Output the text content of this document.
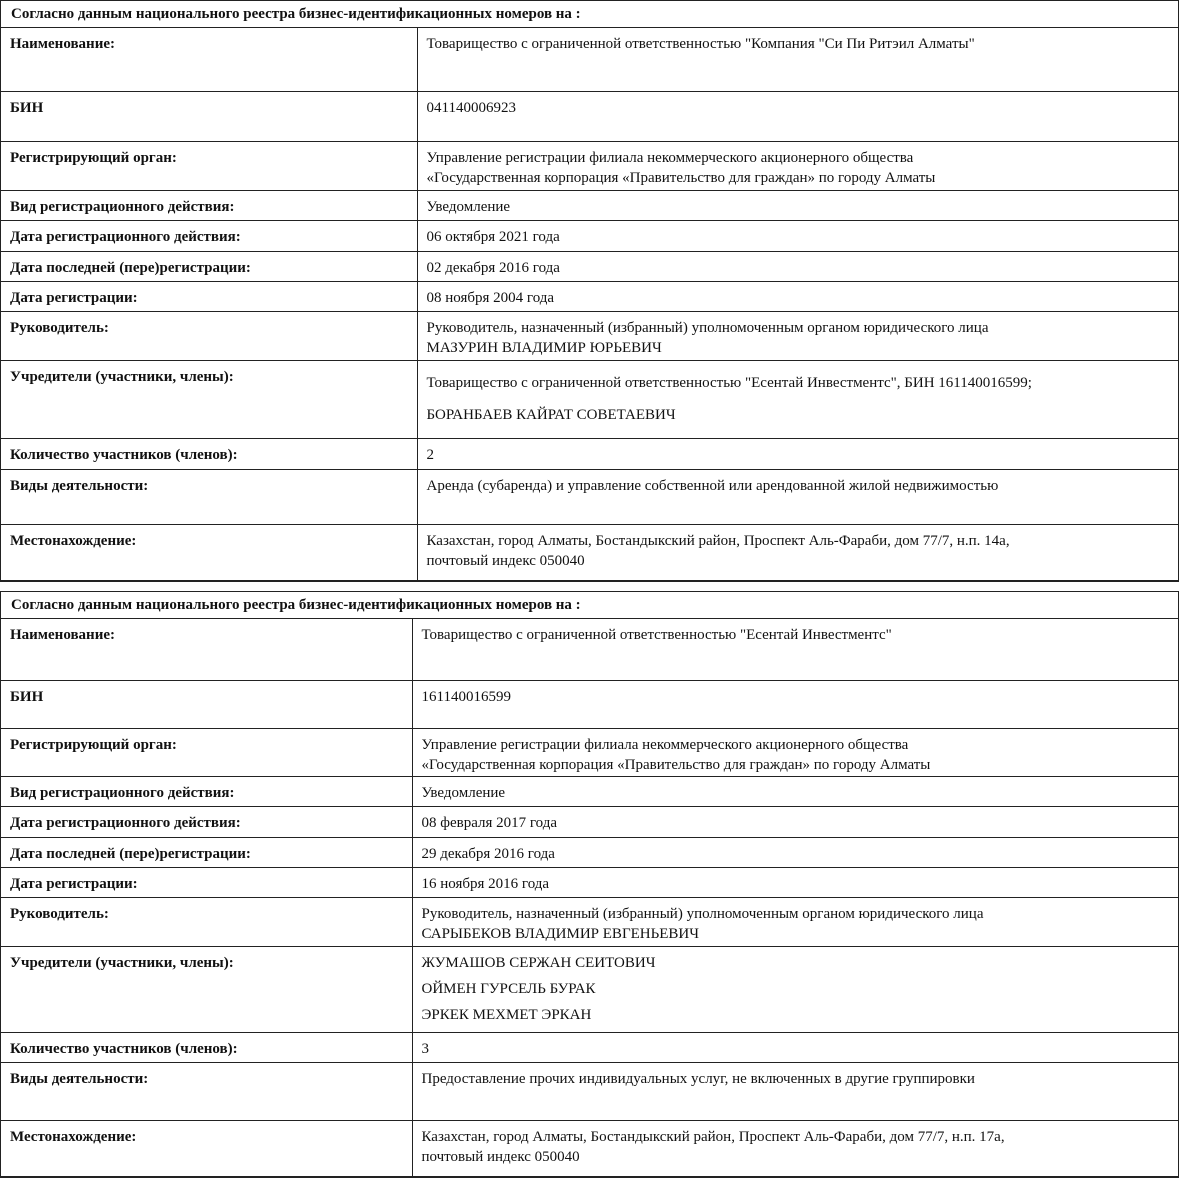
Согласно данным национального реестра бизнес-идентификационных номеров на :
Наименование:	Товарищество с ограниченной ответственностью "Компания "Си Пи Ритэил Алматы"
БИН	041140006923
Регистрирующий орган:	Управление регистрации филиала некоммерческого акционерного общества
«Государственная корпорация «Правительство для граждан» по городу Алматы

Вид регистрационного действия:	Уведомление
Дата регистрационного действия:	06 октября 2021 года
Дата последней (пере)регистрации:	02 декабря 2016 года
Дата регистрации:	08 ноября 2004 года
Руководитель:	Руководитель, назначенный (избранный) уполномоченным органом юридического лица
МАЗУРИН ВЛАДИМИР ЮРЬЕВИЧ

Учредители (участники, члены):	Товарищество с ограниченной ответственностью "Есентай Инвестментс", БИН 161140016599;
БОРАНБАЕВ КАЙРАТ СОВЕТАЕВИЧ

Количество участников (членов):	2
Виды деятельности:	Аренда (субаренда) и управление собственной или арендованной жилой недвижимостью
Местонахождение:	Казахстан, город Алматы, Бостандыкский район, Проспект Аль-Фараби, дом 77/7, н.п. 14а,
почтовый индекс 050040
Согласно данным национального реестра бизнес-идентификационных номеров на :
Наименование:	Товарищество с ограниченной ответственностью "Есентай Инвестментс"
БИН	161140016599
Регистрирующий орган:	Управление регистрации филиала некоммерческого акционерного общества
«Государственная корпорация «Правительство для граждан» по городу Алматы

Вид регистрационного действия:	Уведомление
Дата регистрационного действия:	08 февраля 2017 года
Дата последней (пере)регистрации:	29 декабря 2016 года
Дата регистрации:	16 ноября 2016 года
Руководитель:	Руководитель, назначенный (избранный) уполномоченным органом юридического лица
САРЫБЕКОВ ВЛАДИМИР ЕВГЕНЬЕВИЧ

Учредители (участники, члены):	ЖУМАШОВ СЕРЖАН СЕИТОВИЧ
ОЙМЕН ГУРСЕЛЬ БУРАК
ЭРКЕК МЕХМЕТ ЭРКАН

Количество участников (членов):	3
Виды деятельности:	Предоставление прочих индивидуальных услуг, не включенных в другие группировки
Местонахождение:	Казахстан, город Алматы, Бостандыкский район, Проспект Аль-Фараби, дом 77/7, н.п. 17а,
почтовый индекс 050040
